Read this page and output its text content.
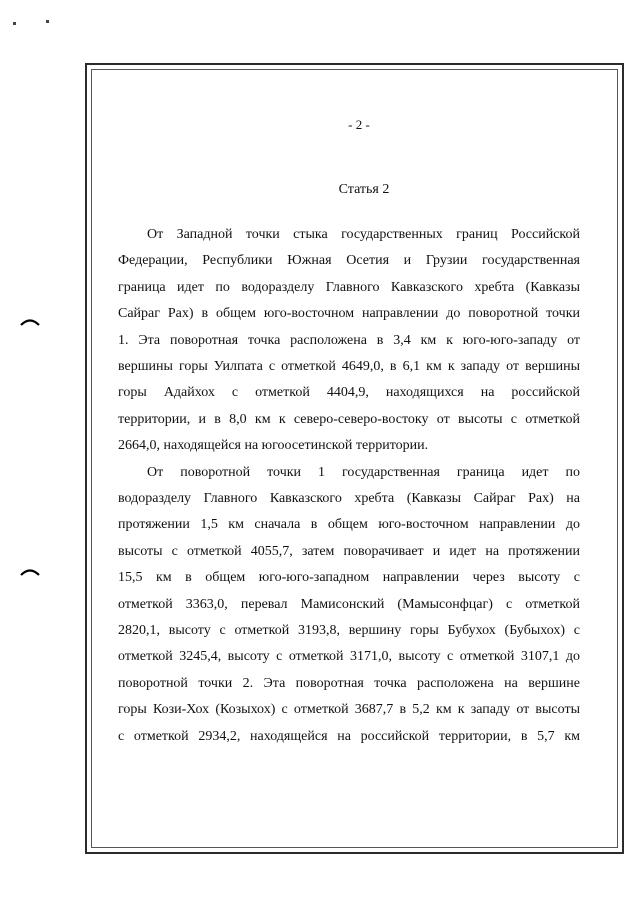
- 2 -
Статья 2
От Западной точки стыка государственных границ Российской
Федерации, Республики Южная Осетия и Грузии государственная
граница идет по водоразделу Главного Кавказского хребта (Кавказы
Сайраг Рах) в общем юго-восточном направлении до поворотной точки
1. Эта поворотная точка расположена в 3,4 км к юго-юго-западу от
вершины горы Уилпата с отметкой 4649,0, в 6,1 км к западу от вершины
горы Адайхох с отметкой 4404,9, находящихся на российской
территории, и в 8,0 км к северо-северо-востоку от высоты с отметкой
2664,0, находящейся на югоосетинской территории.
От поворотной точки 1 государственная граница идет по
водоразделу Главного Кавказского хребта (Кавказы Сайраг Рах) на
протяжении 1,5 км сначала в общем юго-восточном направлении до
высоты с отметкой 4055,7, затем поворачивает и идет на протяжении
15,5 км в общем юго-юго-западном направлении через высоту с
отметкой 3363,0, перевал Мамисонский (Мамысонфцаг) с отметкой
2820,1, высоту с отметкой 3193,8, вершину горы Бубухох (Бубыхох) с
отметкой 3245,4, высоту с отметкой 3171,0, высоту с отметкой 3107,1 до
поворотной точки 2. Эта поворотная точка расположена на вершине
горы Кози-Хох (Козыхох) с отметкой 3687,7 в 5,2 км к западу от высоты
с отметкой 2934,2, находящейся на российской территории, в 5,7 км
